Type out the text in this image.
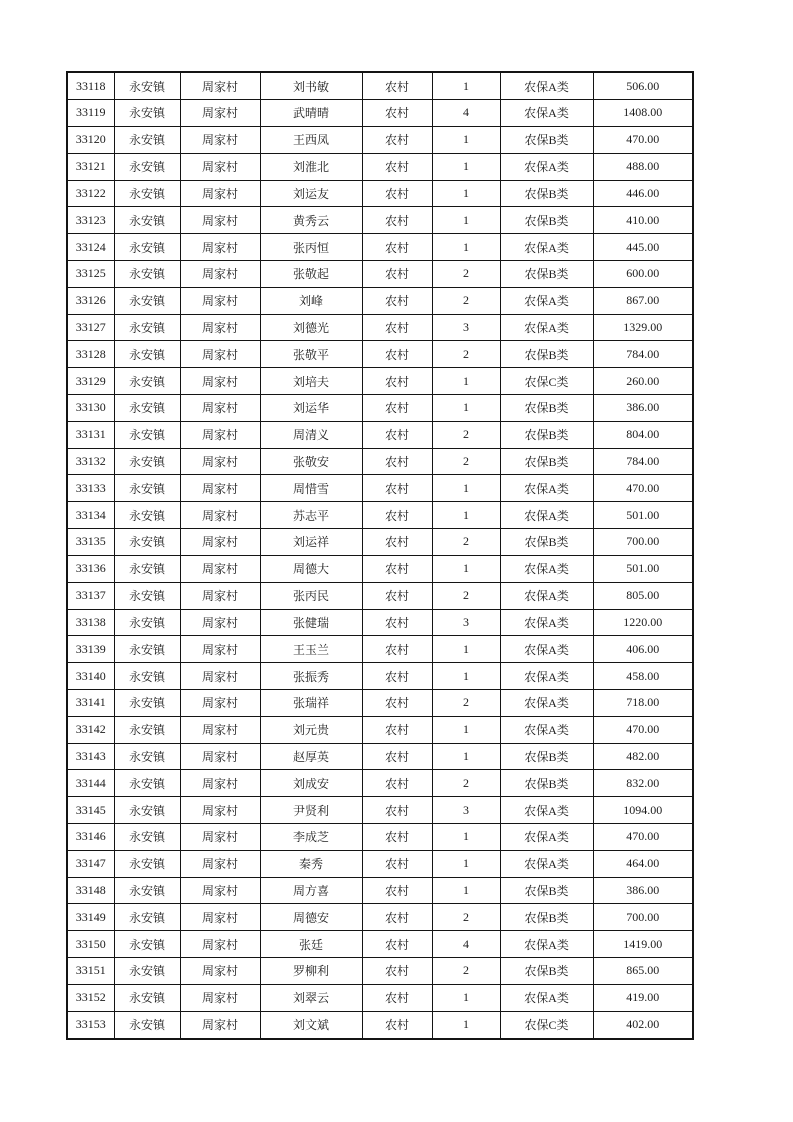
33118	永安镇	周家村	刘书敏	农村	1	农保A类	506.00
33119	永安镇	周家村	武晴晴	农村	4	农保A类	1408.00
33120	永安镇	周家村	王西凤	农村	1	农保B类	470.00
33121	永安镇	周家村	刘淮北	农村	1	农保A类	488.00
33122	永安镇	周家村	刘运友	农村	1	农保B类	446.00
33123	永安镇	周家村	黄秀云	农村	1	农保B类	410.00
33124	永安镇	周家村	张丙恒	农村	1	农保A类	445.00
33125	永安镇	周家村	张敬起	农村	2	农保B类	600.00
33126	永安镇	周家村	刘峰	农村	2	农保A类	867.00
33127	永安镇	周家村	刘德光	农村	3	农保A类	1329.00
33128	永安镇	周家村	张敬平	农村	2	农保B类	784.00
33129	永安镇	周家村	刘培夫	农村	1	农保C类	260.00
33130	永安镇	周家村	刘运华	农村	1	农保B类	386.00
33131	永安镇	周家村	周清义	农村	2	农保B类	804.00
33132	永安镇	周家村	张敬安	农村	2	农保B类	784.00
33133	永安镇	周家村	周惜雪	农村	1	农保A类	470.00
33134	永安镇	周家村	苏志平	农村	1	农保A类	501.00
33135	永安镇	周家村	刘运祥	农村	2	农保B类	700.00
33136	永安镇	周家村	周德大	农村	1	农保A类	501.00
33137	永安镇	周家村	张丙民	农村	2	农保A类	805.00
33138	永安镇	周家村	张健瑞	农村	3	农保A类	1220.00
33139	永安镇	周家村	王玉兰	农村	1	农保A类	406.00
33140	永安镇	周家村	张振秀	农村	1	农保A类	458.00
33141	永安镇	周家村	张瑞祥	农村	2	农保A类	718.00
33142	永安镇	周家村	刘元贵	农村	1	农保A类	470.00
33143	永安镇	周家村	赵厚英	农村	1	农保B类	482.00
33144	永安镇	周家村	刘成安	农村	2	农保B类	832.00
33145	永安镇	周家村	尹贤利	农村	3	农保A类	1094.00
33146	永安镇	周家村	李成芝	农村	1	农保A类	470.00
33147	永安镇	周家村	秦秀	农村	1	农保A类	464.00
33148	永安镇	周家村	周方喜	农村	1	农保B类	386.00
33149	永安镇	周家村	周德安	农村	2	农保B类	700.00
33150	永安镇	周家村	张廷	农村	4	农保A类	1419.00
33151	永安镇	周家村	罗柳利	农村	2	农保B类	865.00
33152	永安镇	周家村	刘翠云	农村	1	农保A类	419.00
33153	永安镇	周家村	刘文斌	农村	1	农保C类	402.00
